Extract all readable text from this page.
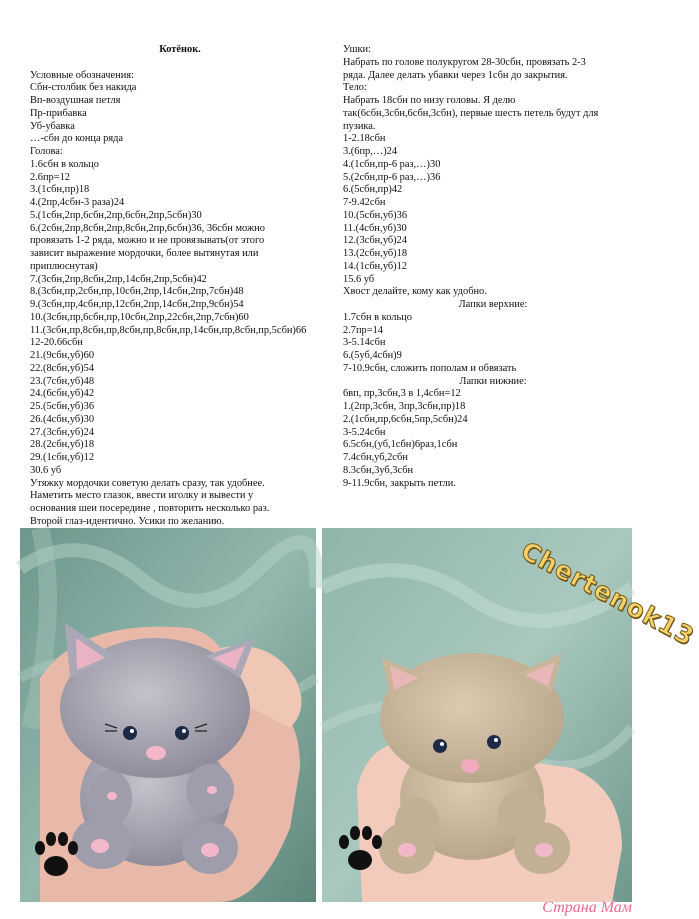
Котёнок.

Условные обозначения:
Сбн-столбик без накида
Вп-воздушная петля
Пр-прибавка
Уб-убавка
…-сбн до конца ряда
Голова:
1.6сбн в кольцо
2.6пр=12
3.(1сбн,пр)18
4.(2пр,4сбн-3 раза)24
5.(1сбн,2пр,6сбн,2пр,6сбн,2пр,5сбн)30
6.(2сбн,2пр,8сбн,2пр,8сбн,2пр,6сбн)36, 36сбн можно
провязать 1-2 ряда, можно и не провязывать(от этого
зависит выражение мордочки, более вытянутая или
приплюснутая)
7.(3сбн,2пр,8сбн,2пр,14сбн,2пр,5сбн)42
8.(3сбн,пр,2сбн,пр,10сбн,2пр,14сбн,2пр,7сбн)48
9.(3сбн,пр,4сбн,пр,12сбн,2пр,14сбн,2пр,9сбн)54
10.(3сбн,пр,6сбн,пр,10сбн,2пр,22сбн,2пр,7сбн)60
11.(3сбн,пр,8сбн,пр,8сбн,пр,8сбн,пр,14сбн,пр,8сбн,пр,5сбн)66
12-20.66сбн
21.(9сбн,уб)60
22.(8сбн,уб)54
23.(7сбн,уб)48
24.(6сбн,уб)42
25.(5сбн,уб)36
26.(4сбн,уб)30
27.(3сбн,уб)24
28.(2сбн,уб)18
29.(1сбн,уб)12
30.6 уб
Утяжку мордочки советую делать сразу, так удобнее.
Наметить место глазок, ввести иголку и вывести у
основания шеи посередине , повторить несколько раз.
Второй глаз-идентично. Усики по желанию.
Ушки:
Набрать по голове полукругом 28-30сбн, провязать 2-3
ряда. Далее делать убавки через 1сбн до закрытия.
Тело:
Набрать 18сбн по низу головы. Я делю
так(6сбн,3сбн,6сбн,3сбн), первые шесть петель будут для
пузика.
1-2.18сбн
3.(6пр,…)24
4.(1сбн,пр-6 раз,…)30
5.(2сбн,пр-6 раз,…)36
6.(5сбн,пр)42
7-9.42сбн
10.(5сбн,уб)36
11.(4сбн,уб)30
12.(3сбн,уб)24
13.(2сбн,уб)18
14.(1сбн,уб)12
15.6 уб
Хвост делайте, кому как удобно.
Лапки верхние:
1.7сбн в кольцо
2.7пр=14
3-5.14сбн
6.(5уб,4сбн)9
7-10.9сбн, сложить пополам и обвязать
Лапки нижние:
6вп, пр,3сбн,3 в 1,4сбн=12
1.(2пр,3сбн, 3пр,3сбн,пр)18
2.(1сбн,пр,6сбн,5пр,5сбн)24
3-5.24сбн
6.5сбн,(уб,1сбн)6раз,1сбн
7.4сбн,уб,2сбн
8.3сбн,3уб,3сбн
9-11.9сбн, закрыть петли.
Chertenok13
Страна Мам
